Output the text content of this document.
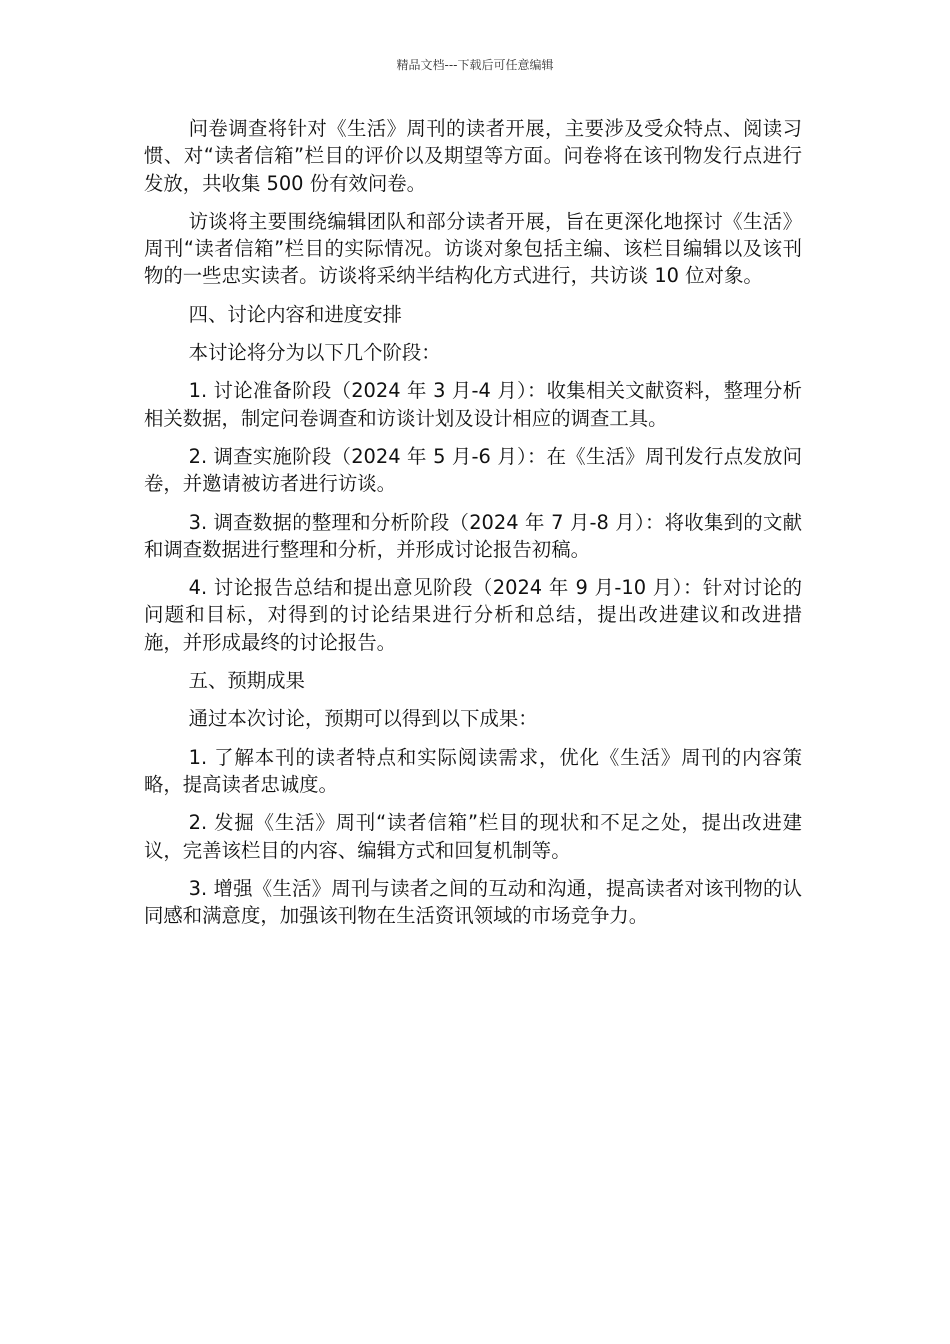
精品文档---下载后可任意编辑

问卷调查将针对《生活》周刊的读者开展，主要涉及受众特点、阅读习惯、对“读者信箱”栏目的评价以及期望等方面。问卷将在该刊物发行点进行发放，共收集 500 份有效问卷。

访谈将主要围绕编辑团队和部分读者开展，旨在更深化地探讨《生活》周刊“读者信箱”栏目的实际情况。访谈对象包括主编、该栏目编辑以及该刊物的一些忠实读者。访谈将采纳半结构化方式进行，共访谈 10 位对象。

四、讨论内容和进度安排

本讨论将分为以下几个阶段：

1. 讨论准备阶段（2024 年 3 月-4 月）：收集相关文献资料，整理分析相关数据，制定问卷调查和访谈计划及设计相应的调查工具。

2. 调查实施阶段（2024 年 5 月-6 月）：在《生活》周刊发行点发放问卷，并邀请被访者进行访谈。

3. 调查数据的整理和分析阶段（2024 年 7 月-8 月）：将收集到的文献和调查数据进行整理和分析，并形成讨论报告初稿。

4. 讨论报告总结和提出意见阶段（2024 年 9 月-10 月）：针对讨论的问题和目标，对得到的讨论结果进行分析和总结，提出改进建议和改进措施，并形成最终的讨论报告。

五、预期成果

通过本次讨论，预期可以得到以下成果：

1. 了解本刊的读者特点和实际阅读需求，优化《生活》周刊的内容策略，提高读者忠诚度。

2. 发掘《生活》周刊“读者信箱”栏目的现状和不足之处，提出改进建议，完善该栏目的内容、编辑方式和回复机制等。

3. 增强《生活》周刊与读者之间的互动和沟通，提高读者对该刊物的认同感和满意度，加强该刊物在生活资讯领域的市场竞争力。
